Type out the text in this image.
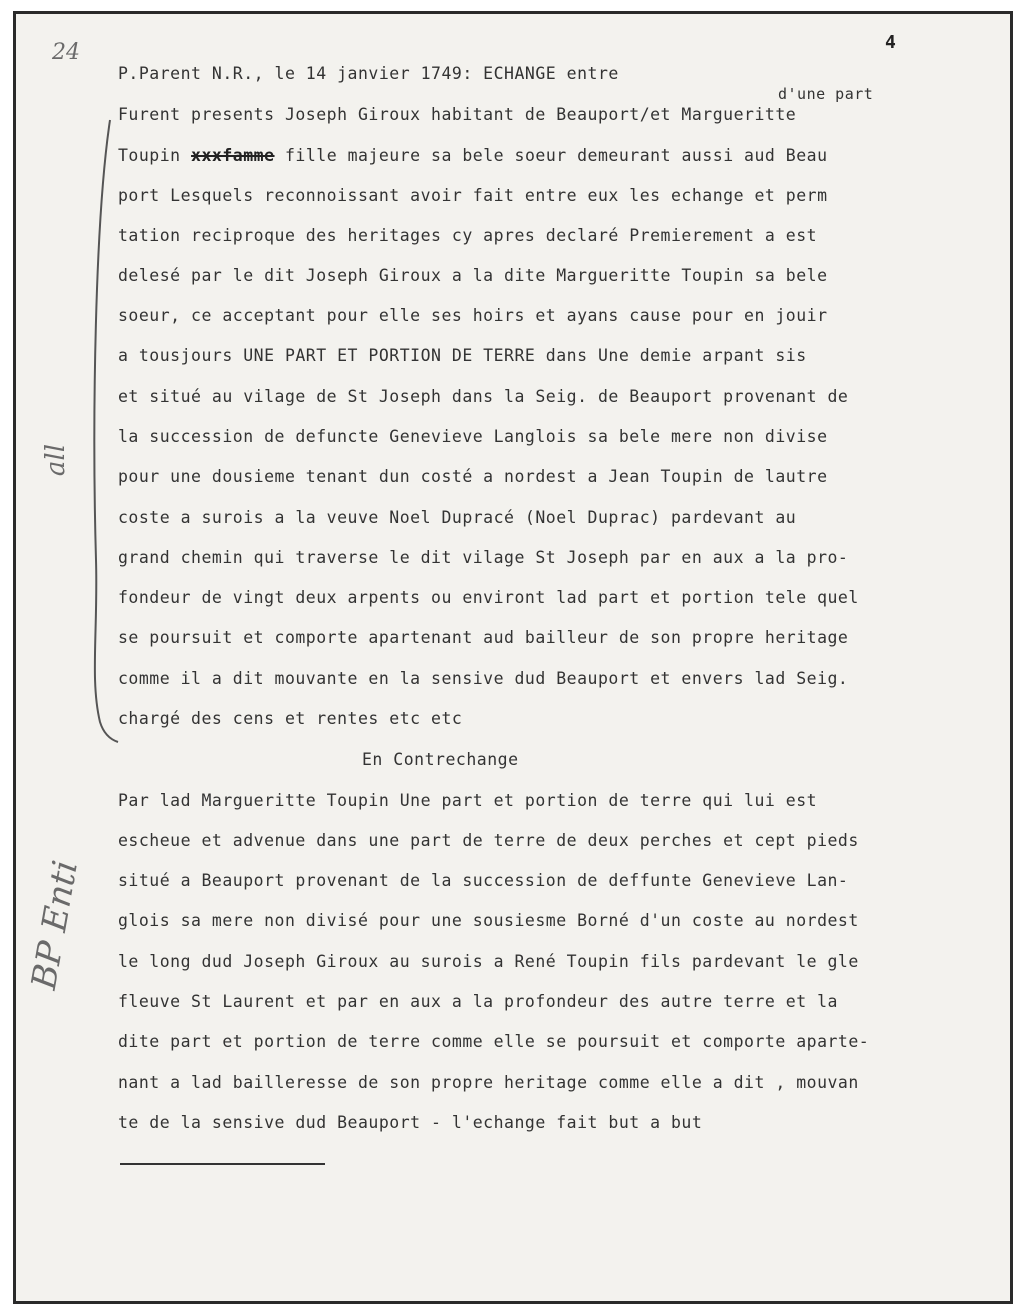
24
all
BP Enti
4
d'une part
P.Parent N.R., le 14 janvier 1749: ECHANGE entre
Furent presents Joseph Giroux habitant de Beauport/et Margueritte
Toupin xxxfamme fille majeure sa bele soeur demeurant aussi aud Beau
port Lesquels reconnoissant avoir fait entre eux les echange et perm
tation reciproque des heritages cy apres declaré Premierement a est
delesé par le dit Joseph Giroux a la dite Margueritte Toupin sa bele
soeur, ce acceptant pour elle ses hoirs et ayans cause pour en jouir
a tousjours UNE PART ET PORTION DE TERRE dans Une demie arpant sis
et situé au vilage de St Joseph dans la Seig. de Beauport provenant de
la succession de defuncte Genevieve Langlois sa bele mere non divise
pour une dousieme tenant dun costé a nordest a Jean Toupin de lautre
coste a surois a la veuve Noel Dupracé (Noel Duprac) pardevant au
grand chemin qui traverse le dit vilage St Joseph par en aux a la pro-
fondeur de vingt deux arpents ou environt lad part et portion tele quel
se poursuit et comporte apartenant aud bailleur de son propre heritage
comme il a dit mouvante en la sensive dud Beauport et envers lad Seig.
chargé des cens et rentes etc etc
En Contrechange
Par lad Margueritte Toupin Une part et portion de terre qui lui est
escheue et advenue dans une part de terre de deux perches et cept pieds
situé a Beauport provenant de la succession de deffunte Genevieve Lan-
glois sa mere non divisé pour une sousiesme Borné d'un coste au nordest
le long dud Joseph Giroux au surois a René Toupin fils pardevant le gle
fleuve St Laurent et par en aux a la profondeur des autre terre et la
dite part et portion de terre comme elle se poursuit et comporte aparte-
nant a lad bailleresse de son propre heritage comme elle a dit , mouvan
te de la sensive dud Beauport - l'echange fait but a but
